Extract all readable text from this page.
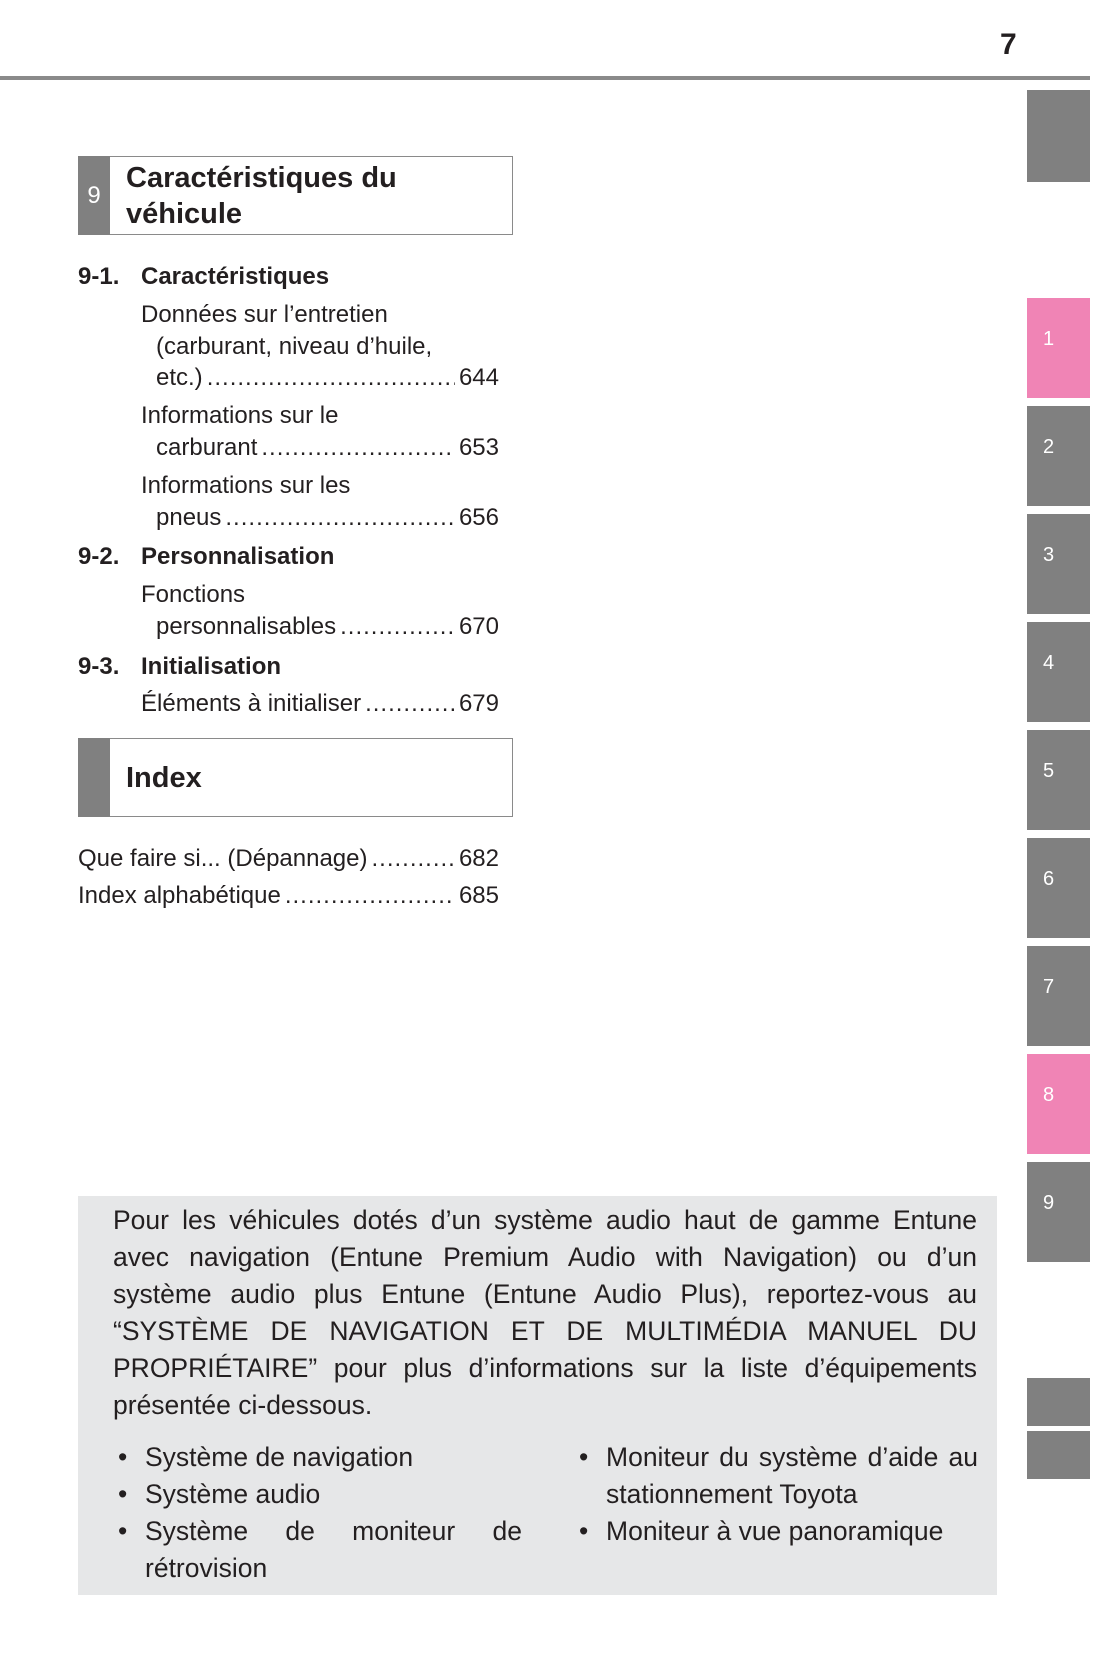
7
9
Caractéristiques du véhicule
9-1. Caractéristiques
Données sur l’entretien
(carburant, niveau d’huile,
etc.) .....	644
Informations sur le
carburant .....	653
Informations sur les
pneus .....	656
9-2. Personnalisation
Fonctions
personnalisables .....	670
9-3. Initialisation
Éléments à initialiser .....	679
Index
Que faire si... (Dépannage) .....	682
Index alphabétique .....	685
1
2
3
4
5
6
7
8
9
Pour les véhicules dotés d’un système audio haut de gamme Entune avec navigation (Entune Premium Audio with Navigation) ou d’un système audio plus Entune (Entune Audio Plus), reportez-vous au “SYSTÈME DE NAVIGATION ET DE MULTIMÉDIA MANUEL DU PROPRIÉTAIRE” pour plus d’informations sur la liste d’équipements présentée ci-dessous.
• Système de navigation
• Système audio
• Système de moniteur de rétrovision
• Moniteur du système d’aide au stationnement Toyota
• Moniteur à vue panoramique
